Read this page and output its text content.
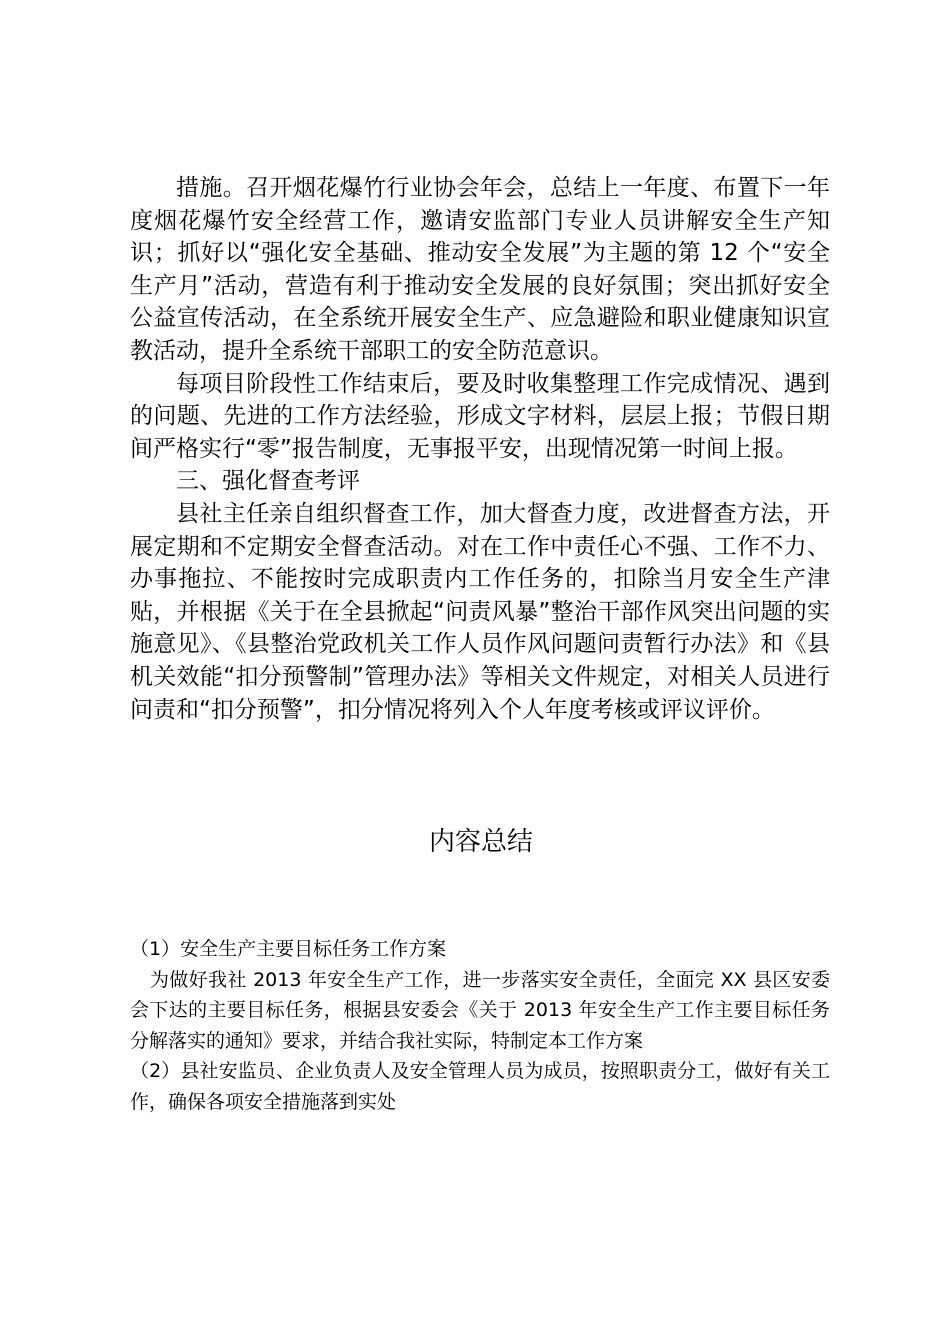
措施。召开烟花爆竹行业协会年会，总结上一年度、布置下一年度烟花爆竹安全经营工作，邀请安监部门专业人员讲解安全生产知识；抓好以“强化安全基础、推动安全发展”为主题的第 12 个“安全生产月”活动，营造有利于推动安全发展的良好氛围；突出抓好安全公益宣传活动，在全系统开展安全生产、应急避险和职业健康知识宣教活动，提升全系统干部职工的安全防范意识。

每项目阶段性工作结束后，要及时收集整理工作完成情况、遇到的问题、先进的工作方法经验，形成文字材料，层层上报；节假日期间严格实行“零”报告制度，无事报平安，出现情况第一时间上报。

三、强化督查考评

县社主任亲自组织督查工作，加大督查力度，改进督查方法，开展定期和不定期安全督查活动。对在工作中责任心不强、工作不力、办事拖拉、不能按时完成职责内工作任务的，扣除当月安全生产津贴，并根据《关于在全县掀起“问责风暴”整治干部作风突出问题的实施意见》、《县整治党政机关工作人员作风问题问责暂行办法》和《县机关效能“扣分预警制”管理办法》等相关文件规定，对相关人员进行问责和“扣分预警”，扣分情况将列入个人年度考核或评议评价。

内容总结

（1）安全生产主要目标任务工作方案

为做好我社 2013 年安全生产工作，进一步落实安全责任，全面完 XX 县区安委会下达的主要目标任务，根据县安委会《关于 2013 年安全生产工作主要目标任务分解落实的通知》要求，并结合我社实际，特制定本工作方案

（2）县社安监员、企业负责人及安全管理人员为成员，按照职责分工，做好有关工作，确保各项安全措施落到实处
